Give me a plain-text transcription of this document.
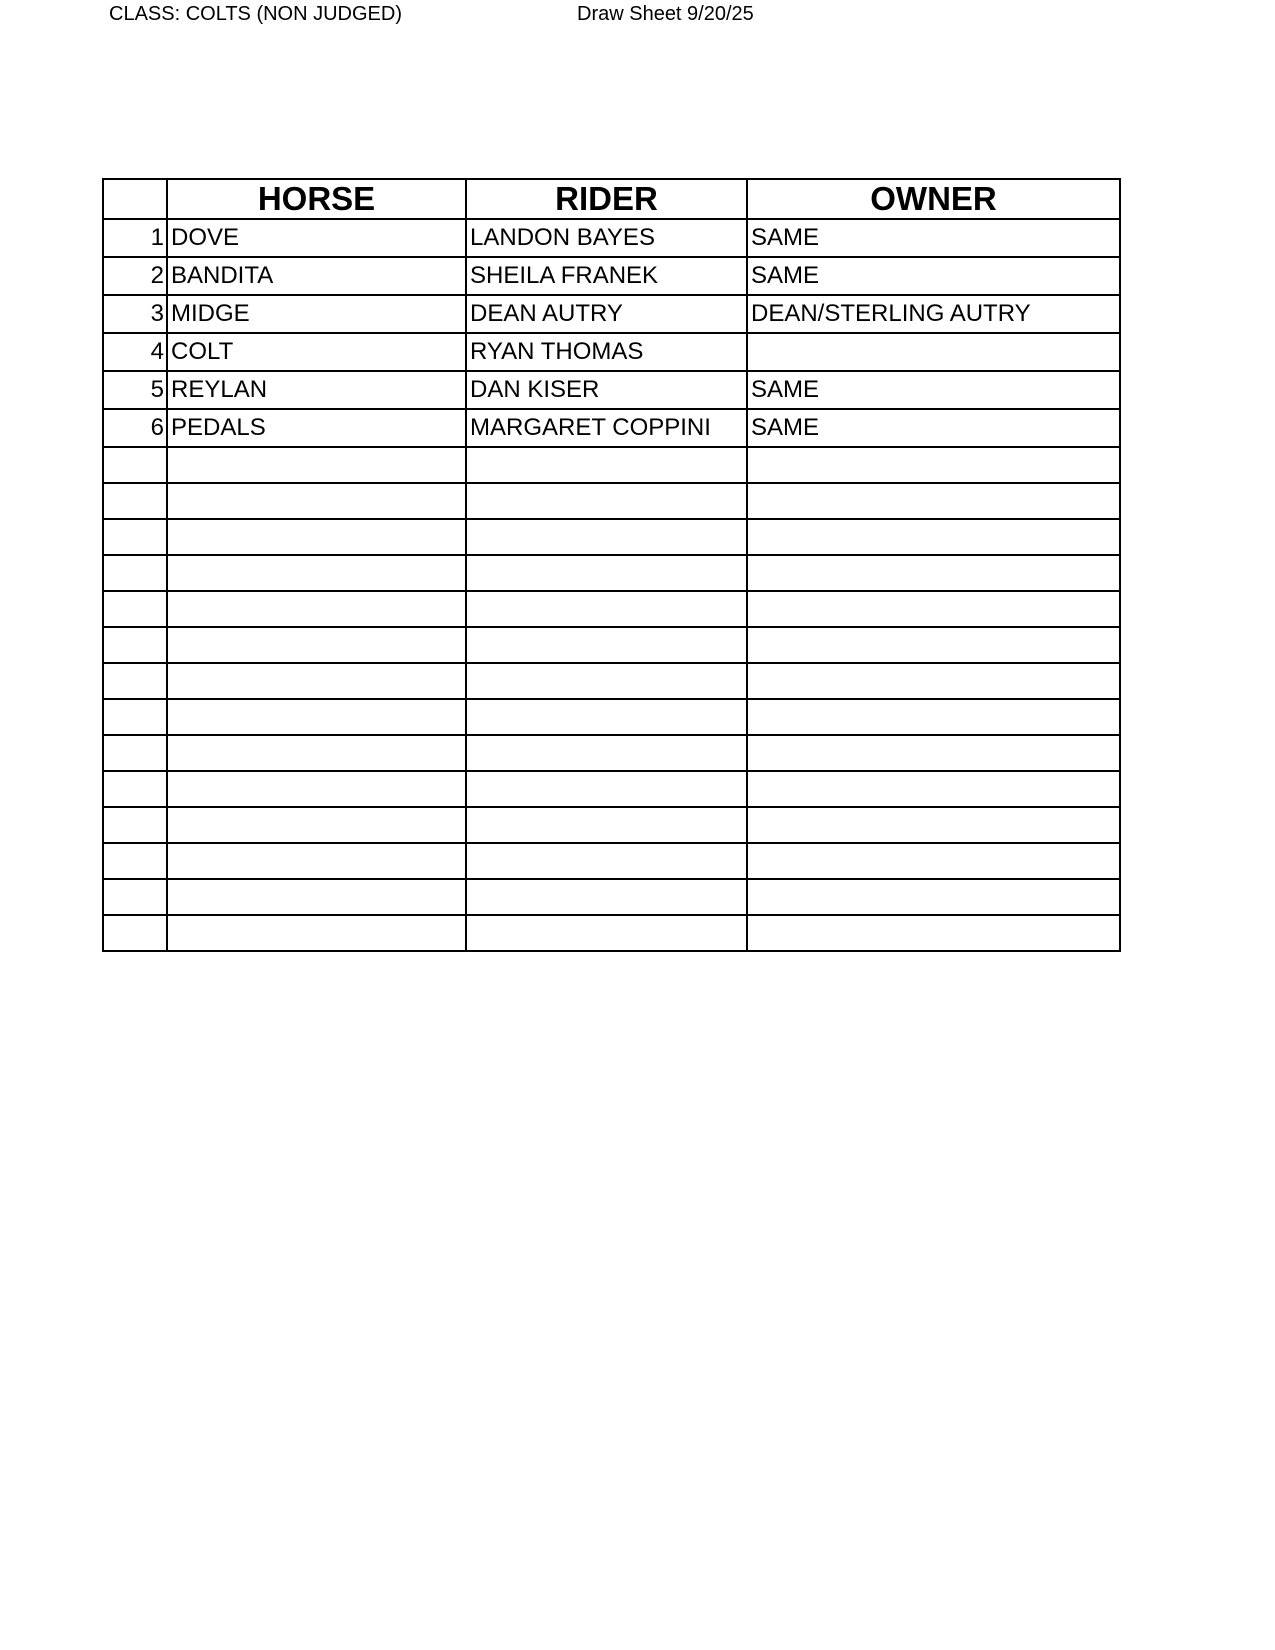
CLASS: COLTS (NON JUDGED)	Draw Sheet 9/20/25
	HORSE	RIDER	OWNER
1	DOVE	LANDON BAYES	SAME
2	BANDITA	SHEILA FRANEK	SAME
3	MIDGE	DEAN AUTRY	DEAN/STERLING AUTRY
4	COLT	RYAN THOMAS	
5	REYLAN	DAN KISER	SAME
6	PEDALS	MARGARET COPPINI	SAME
